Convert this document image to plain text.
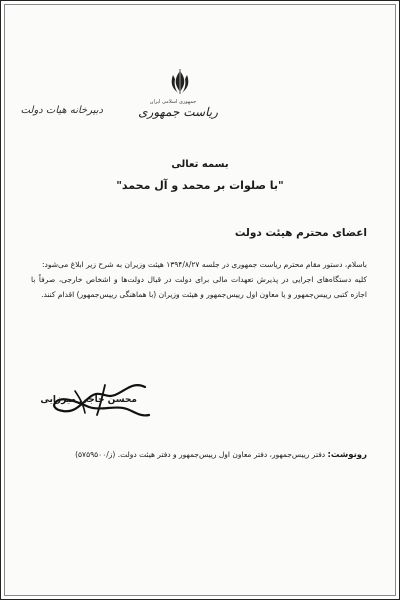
جمهوری اسلامی ایران
ریاست جمهوری
دبیرخانه هیات دولت
بسمه تعالی
"با صلوات بر محمد و آل محمد"
اعضای محترم هیئت دولت

باسلام، دستور مقام محترم ریاست جمهوری در جلسه ۱۳۹۴/۸/۲۷ هیئت وزیران به شرح زیر ابلاغ می‌شود:

کلیه دستگاه‌های اجرایی در پذیرش تعهدات مالی برای دولت در قبال دولت‌ها و اشخاص خارجی، صرفاً با اجازه کتبی رییس‌جمهور و یا معاون اول رییس‌جمهور و هیئت وزیران (با هماهنگی رییس‌جمهور) اقدام کنند.

محسن حاجی میرزایی
رونوشت: دفتر رییس‌جمهور، دفتر معاون اول رییس‌جمهور و دفتر هیئت دولت. (ز/۵۷۵۹۵۰۰)
